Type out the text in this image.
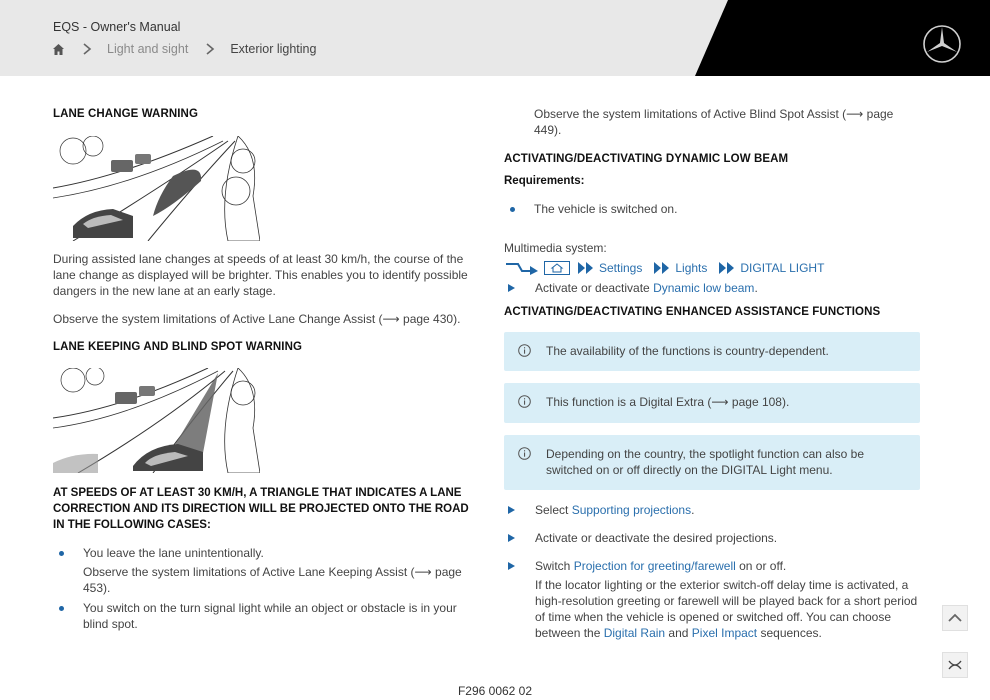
EQS - Owner's Manual
Light and sight	Exterior lighting
LANE CHANGE WARNING

During assisted lane changes at speeds of at least 30 km/h, the course of the lane change as displayed will be brighter. This enables you to identify possible dangers in the new lane at an early stage.

Observe the system limitations of Active Lane Change Assist (⟶ page 430).

LANE KEEPING AND BLIND SPOT WARNING
AT SPEEDS OF AT LEAST 30 KM/H, A TRIANGLE THAT INDICATES A LANE CORRECTION AND ITS DIRECTION WILL BE PROJECTED ONTO THE ROAD IN THE FOLLOWING CASES:
You leave the lane unintentionally.

Observe the system limitations of Active Lane Keeping Assist (⟶ page 453).
You switch on the turn signal light while an object or obstacle is in your blind spot.

Observe the system limitations of Active Blind Spot Assist (⟶ page 449).

ACTIVATING/DEACTIVATING DYNAMIC LOW BEAM
Requirements:
The vehicle is switched on.

Multimedia system:

Settings	Lights	DIGITAL LIGHT
Activate or deactivate Dynamic low beam.
ACTIVATING/DEACTIVATING ENHANCED ASSISTANCE FUNCTIONS
The availability of the functions is country-dependent.
This function is a Digital Extra (⟶ page 108).
Depending on the country, the spotlight function can also be switched on or off directly on the DIGITAL Light menu.
Select Supporting projections.
Activate or deactivate the desired projections.
Switch Projection for greeting/farewell on or off.
If the locator lighting or the exterior switch-off delay time is activated, a high-resolution greeting or farewell will be played back for a short period of time when the vehicle is opened or switched off. You can choose between the Digital Rain and Pixel Impact sequences.
F296 0062 02
